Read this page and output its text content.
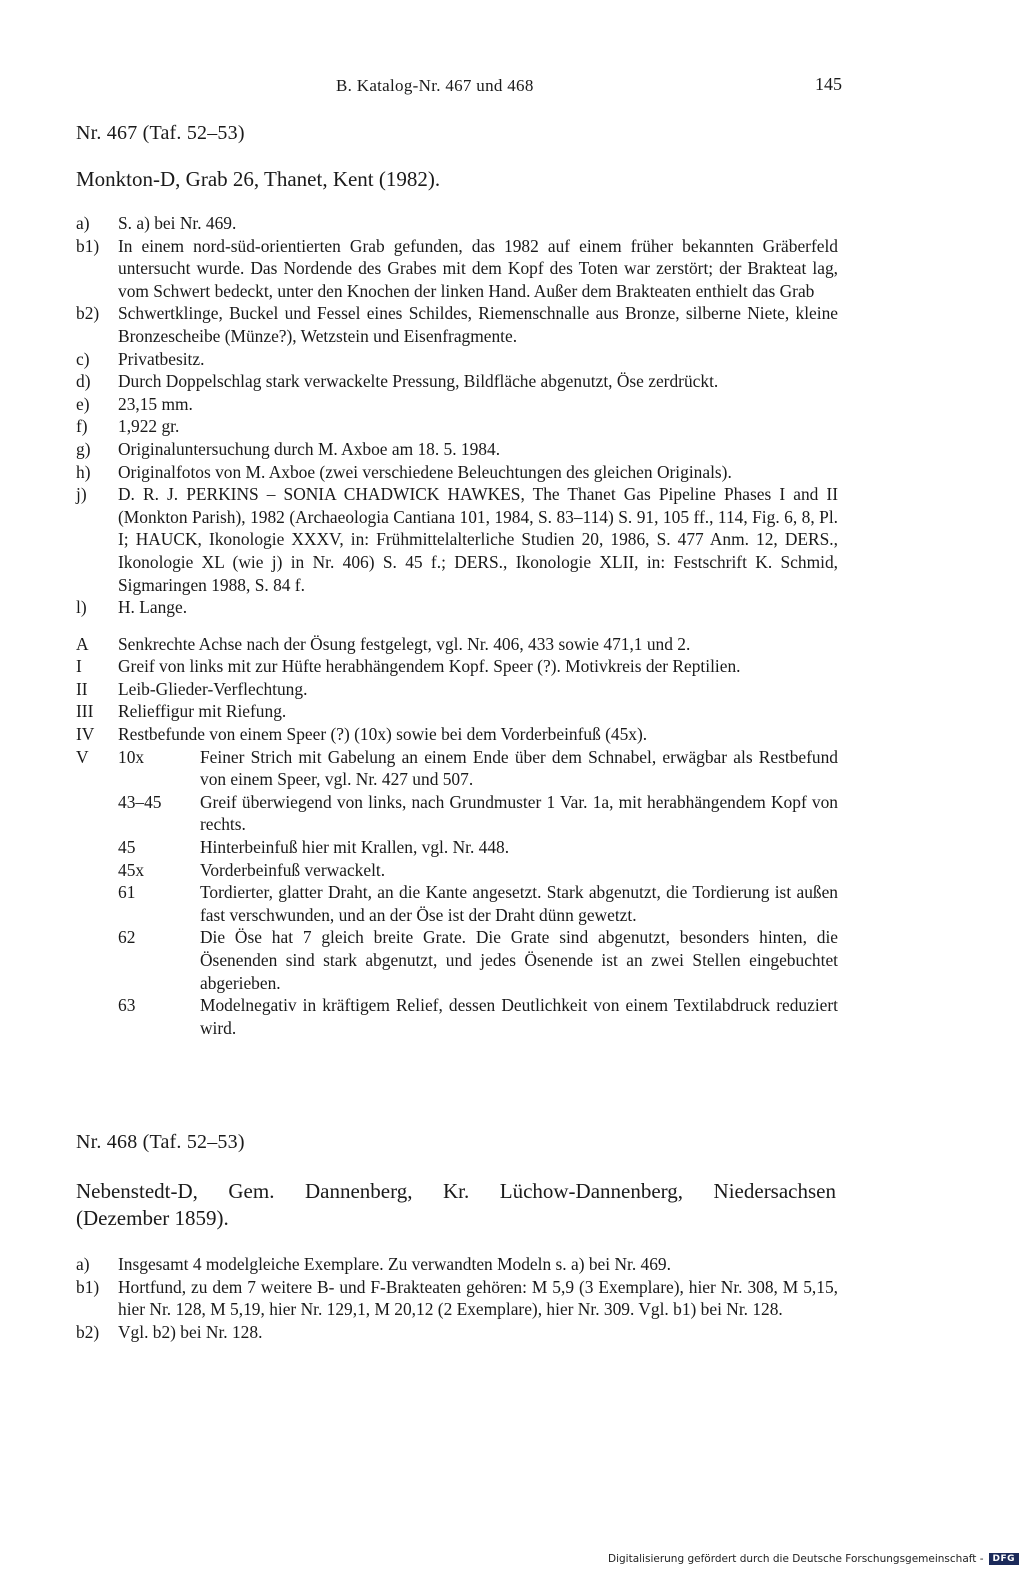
B. Katalog-Nr. 467 und 468	145
Nr. 467 (Taf. 52–53)
Monkton-D, Grab 26, Thanet, Kent (1982).
a)	S. a) bei Nr. 469.
b1)	In einem nord-süd-orientierten Grab gefunden, das 1982 auf einem früher bekannten Gräberfeld untersucht wurde. Das Nordende des Grabes mit dem Kopf des Toten war zerstört; der Brakteat lag, vom Schwert bedeckt, unter den Knochen der linken Hand. Außer dem Brakteaten enthielt das Grab
b2)	Schwertklinge, Buckel und Fessel eines Schildes, Riemenschnalle aus Bronze, silberne Niete, kleine Bronzescheibe (Münze?), Wetzstein und Eisenfragmente.
c)	Privatbesitz.
d)	Durch Doppelschlag stark verwackelte Pressung, Bildfläche abgenutzt, Öse zerdrückt.
e)	23,15 mm.
f)	1,922 gr.
g)	Originaluntersuchung durch M. Axboe am 18. 5. 1984.
h)	Originalfotos von M. Axboe (zwei verschiedene Beleuchtungen des gleichen Originals).
j)	D. R. J. PERKINS – SONIA CHADWICK HAWKES, The Thanet Gas Pipeline Phases I and II (Monkton Parish), 1982 (Archaeologia Cantiana 101, 1984, S. 83–114) S. 91, 105 ff., 114, Fig. 6, 8, Pl. I; HAUCK, Ikonologie XXXV, in: Frühmittelalterliche Studien 20, 1986, S. 477 Anm. 12, DERS., Ikonologie XL (wie j) in Nr. 406) S. 45 f.; DERS., Ikonologie XLII, in: Festschrift K. Schmid, Sigmaringen 1988, S. 84 f.
l)	H. Lange.
A	Senkrechte Achse nach der Ösung festgelegt, vgl. Nr. 406, 433 sowie 471,1 und 2.
I	Greif von links mit zur Hüfte herabhängendem Kopf. Speer (?). Motivkreis der Reptilien.
II	Leib-Glieder-Verflechtung.
III	Relieffigur mit Riefung.
IV	Restbefunde von einem Speer (?) (10x) sowie bei dem Vorderbeinfuß (45x).
V	10x	Feiner Strich mit Gabelung an einem Ende über dem Schnabel, erwägbar als Restbefund von einem Speer, vgl. Nr. 427 und 507.
43–45	Greif überwiegend von links, nach Grundmuster 1 Var. 1a, mit herabhängendem Kopf von rechts.
45	Hinterbeinfuß hier mit Krallen, vgl. Nr. 448.
45x	Vorderbeinfuß verwackelt.
61	Tordierter, glatter Draht, an die Kante angesetzt. Stark abgenutzt, die Tordierung ist außen fast verschwunden, und an der Öse ist der Draht dünn gewetzt.
62	Die Öse hat 7 gleich breite Grate. Die Grate sind abgenutzt, besonders hinten, die Ösenenden sind stark abgenutzt, und jedes Ösenende ist an zwei Stellen eingebuchtet abgerieben.
63	Modelnegativ in kräftigem Relief, dessen Deutlichkeit von einem Textilabdruck reduziert wird.
Nr. 468 (Taf. 52–53)
Nebenstedt-D, Gem. Dannenberg, Kr. Lüchow-Dannenberg, Niedersachsen
(Dezember 1859).
a)	Insgesamt 4 modelgleiche Exemplare. Zu verwandten Modeln s. a) bei Nr. 469.
b1)	Hortfund, zu dem 7 weitere B- und F-Brakteaten gehören: M 5,9 (3 Exemplare), hier Nr. 308, M 5,15, hier Nr. 128, M 5,19, hier Nr. 129,1, M 20,12 (2 Exemplare), hier Nr. 309. Vgl. b1) bei Nr. 128.
b2)	Vgl. b2) bei Nr. 128.
Digitalisierung gefördert durch die Deutsche Forschungsgemeinschaft -	DFG
